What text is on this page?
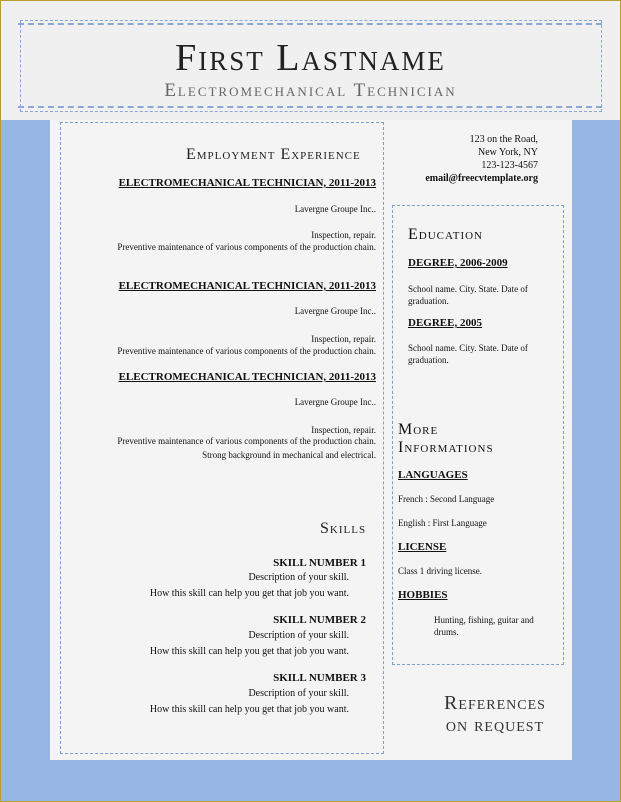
First Lastname
Electromechanical Technician
Employment Experience
ELECTROMECHANICAL TECHNICIAN, 2011-2013
Lavergne Groupe Inc..
Inspection, repair.
Preventive maintenance of various components of the production chain.
ELECTROMECHANICAL TECHNICIAN, 2011-2013
Lavergne Groupe Inc..
Inspection, repair.
Preventive maintenance of various components of the production chain.
ELECTROMECHANICAL TECHNICIAN, 2011-2013
Lavergne Groupe Inc..
Inspection, repair.
Preventive maintenance of various components of the production chain.
Strong background in mechanical and electrical.
Skills
SKILL NUMBER 1
Description of your skill.
How this skill can help you get that job you want.
SKILL NUMBER 2
Description of your skill.
How this skill can help you get that job you want.
SKILL NUMBER 3
Description of your skill.
How this skill can help you get that job you want.
123 on the Road,
New York, NY
123-123-4567
email@freecvtemplate.org
Education
DEGREE, 2006-2009
School name. City. State. Date of graduation.
DEGREE, 2005
School name. City. State. Date of graduation.
More
Informations
LANGUAGES
French : Second Language
English : First Language
LICENSE
Class 1 driving license.
HOBBIES
Hunting, fishing, guitar and drums.
References
on request
